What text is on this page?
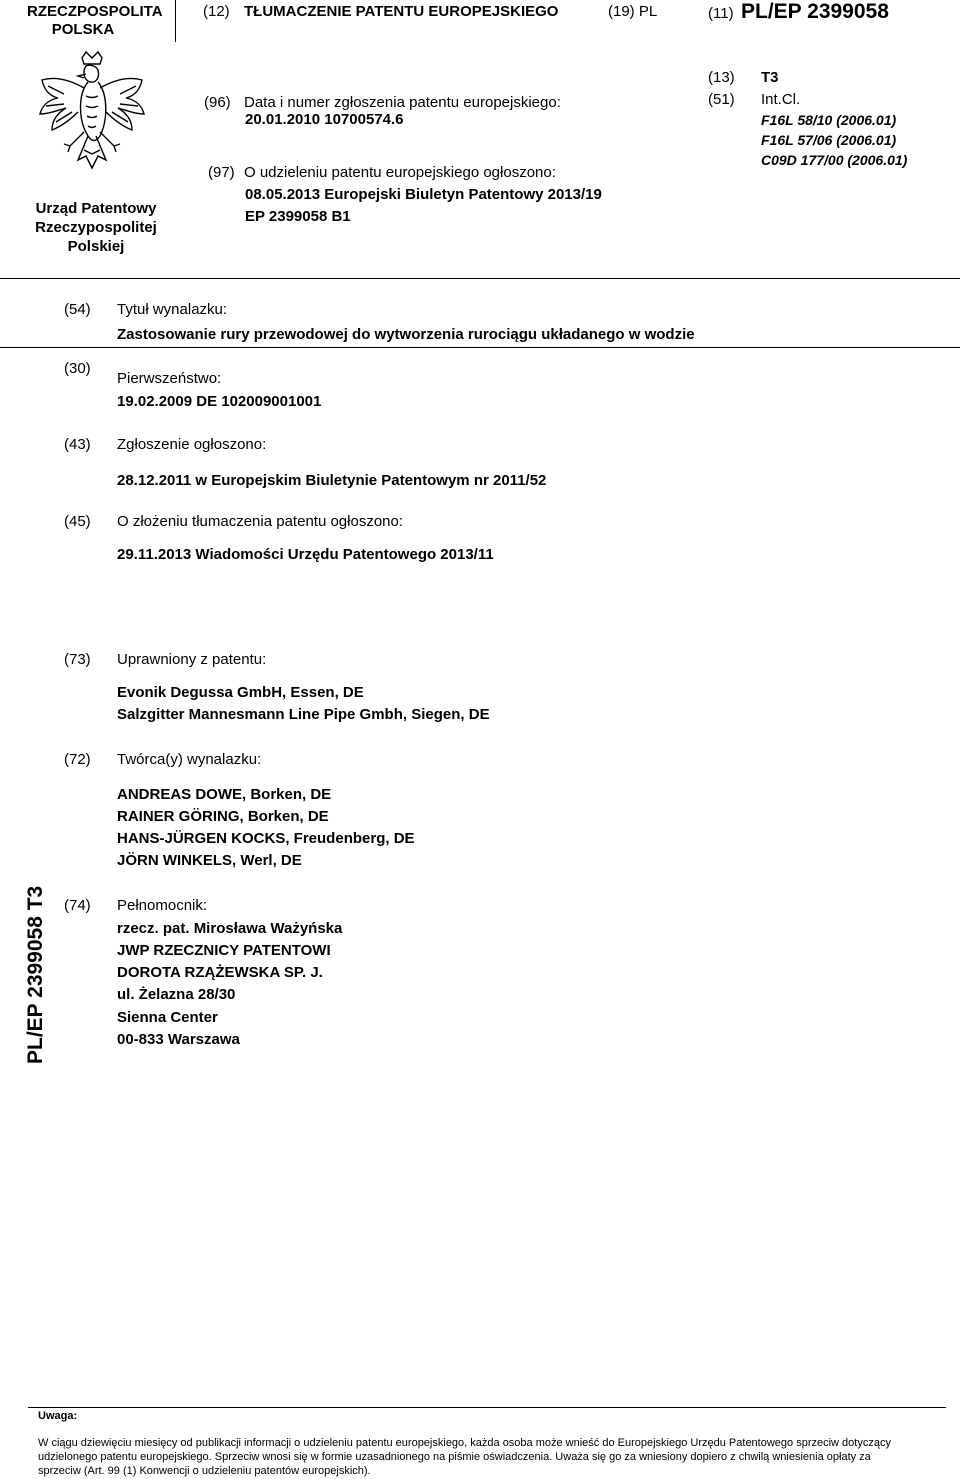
RZECZPOSPOLITA
POLSKA
(12) TŁUMACZENIE PATENTU EUROPEJSKIEGO	(19) PL	(11) PL/EP 2399058
Urząd Patentowy
Rzeczypospolitej
Polskiej
(96) Data i numer zgłoszenia patentu europejskiego:
20.01.2010 10700574.6
(97) O udzieleniu patentu europejskiego ogłoszono:
08.05.2013 Europejski Biuletyn Patentowy 2013/19
EP 2399058 B1
(13) T3
(51) Int.Cl.
F16L 58/10 (2006.01)
F16L 57/06 (2006.01)
C09D 177/00 (2006.01)
(54) Tytuł wynalazku:
Zastosowanie rury przewodowej do wytworzenia rurociągu układanego w wodzie
(30)
Pierwszeństwo:
19.02.2009 DE 102009001001
(43) Zgłoszenie ogłoszono:
28.12.2011 w Europejskim Biuletynie Patentowym nr 2011/52
(45) O złożeniu tłumaczenia patentu ogłoszono:
29.11.2013 Wiadomości Urzędu Patentowego 2013/11
(73) Uprawniony z patentu:
Evonik Degussa GmbH, Essen, DE
Salzgitter Mannesmann Line Pipe Gmbh, Siegen, DE
(72) Twórca(y) wynalazku:
ANDREAS DOWE, Borken, DE
RAINER GÖRING, Borken, DE
HANS-JÜRGEN KOCKS, Freudenberg, DE
JÖRN WINKELS, Werl, DE
(74) Pełnomocnik:
rzecz. pat. Mirosława Ważyńska
JWP RZECZNICY PATENTOWI
DOROTA RZĄŻEWSKA SP. J.
ul. Żelazna 28/30
Sienna Center
00-833 Warszawa
PL/EP 2399058 T3
Uwaga:
W ciągu dziewięciu miesięcy od publikacji informacji o udzieleniu patentu europejskiego, każda osoba może wnieść do Europejskiego Urzędu Patentowego sprzeciw dotyczący
udzielonego patentu europejskiego. Sprzeciw wnosi się w formie uzasadnionego na piśmie oświadczenia. Uważa się go za wniesiony dopiero z chwilą wniesienia opłaty za
sprzeciw (Art. 99 (1) Konwencji o udzieleniu patentów europejskich).
